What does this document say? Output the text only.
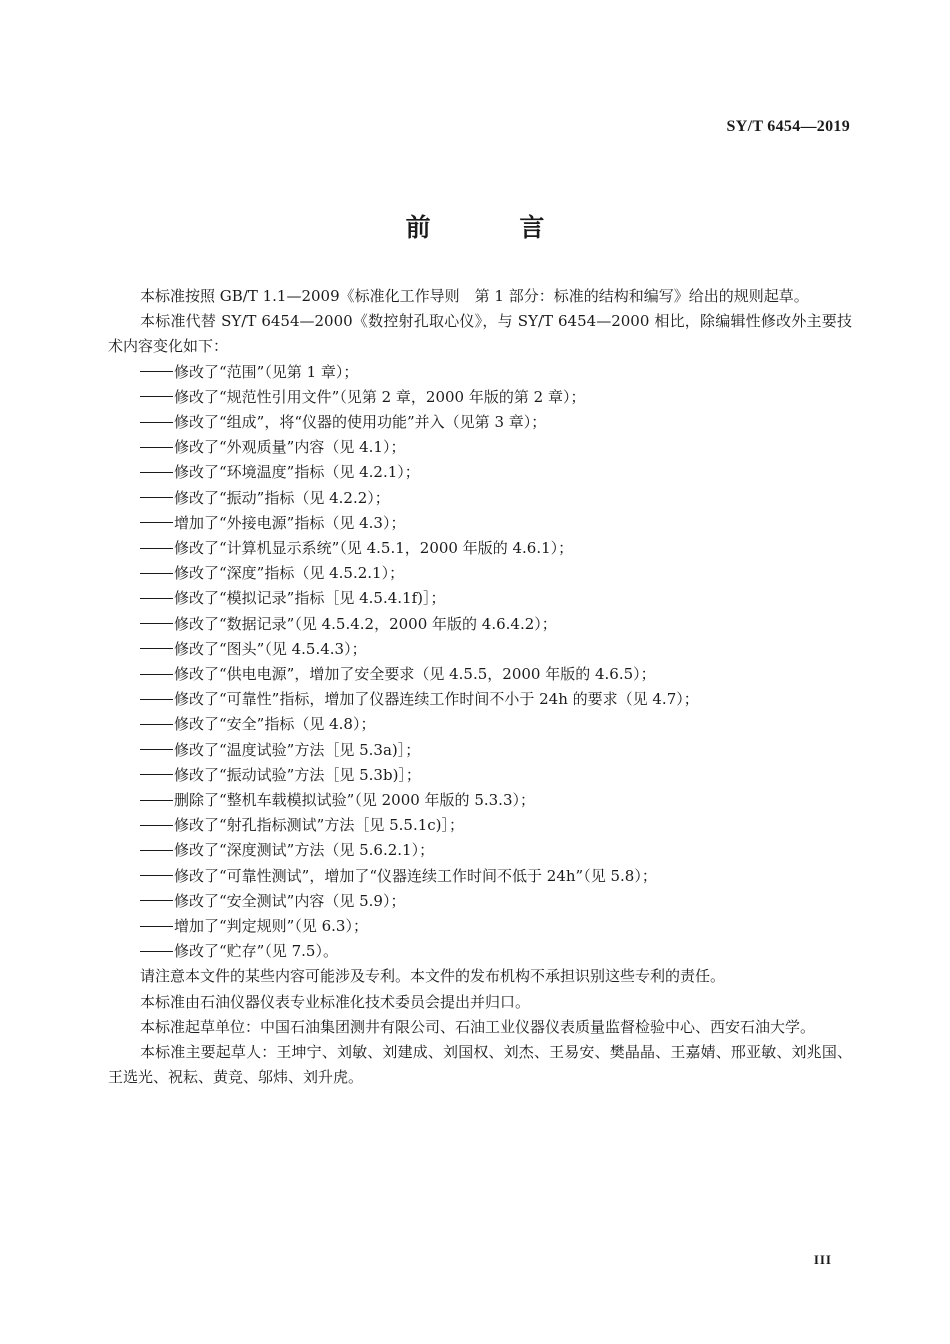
SY/T 6454—2019
前 言

本标准按照 GB/T 1.1—2009《标准化工作导则　第 1 部分：标准的结构和编写》给出的规则起草。

本标准代替 SY/T 6454—2000《数控射孔取心仪》，与 SY/T 6454—2000 相比，除编辑性修改外主要技术内容变化如下：

修改了“范围”（见第 1 章）；
修改了“规范性引用文件”（见第 2 章，2000 年版的第 2 章）；
修改了“组成”，将“仪器的使用功能”并入（见第 3 章）；
修改了“外观质量”内容（见 4.1）；
修改了“环境温度”指标（见 4.2.1）；
修改了“振动”指标（见 4.2.2）；
增加了“外接电源”指标（见 4.3）；
修改了“计算机显示系统”（见 4.5.1，2000 年版的 4.6.1）；
修改了“深度”指标（见 4.5.2.1）；
修改了“模拟记录”指标［见 4.5.4.1f)］；
修改了“数据记录”（见 4.5.4.2，2000 年版的 4.6.4.2）；
修改了“图头”（见 4.5.4.3）；
修改了“供电电源”，增加了安全要求（见 4.5.5，2000 年版的 4.6.5）；
修改了“可靠性”指标，增加了仪器连续工作时间不小于 24h 的要求（见 4.7）；
修改了“安全”指标（见 4.8）；
修改了“温度试验”方法［见 5.3a)］；
修改了“振动试验”方法［见 5.3b)］；
删除了“整机车载模拟试验”（见 2000 年版的 5.3.3）；
修改了“射孔指标测试”方法［见 5.5.1c)］；
修改了“深度测试”方法（见 5.6.2.1）；
修改了“可靠性测试”，增加了“仪器连续工作时间不低于 24h”（见 5.8）；
修改了“安全测试”内容（见 5.9）；
增加了“判定规则”（见 6.3）；
修改了“贮存”（见 7.5）。

请注意本文件的某些内容可能涉及专利。本文件的发布机构不承担识别这些专利的责任。

本标准由石油仪器仪表专业标准化技术委员会提出并归口。

本标准起草单位：中国石油集团测井有限公司、石油工业仪器仪表质量监督检验中心、西安石油大学。

本标准主要起草人：王坤宁、刘敏、刘建成、刘国权、刘杰、王易安、樊晶晶、王嘉婧、邢亚敏、刘兆国、王选光、祝耘、黄竞、邬炜、刘升虎。

III
